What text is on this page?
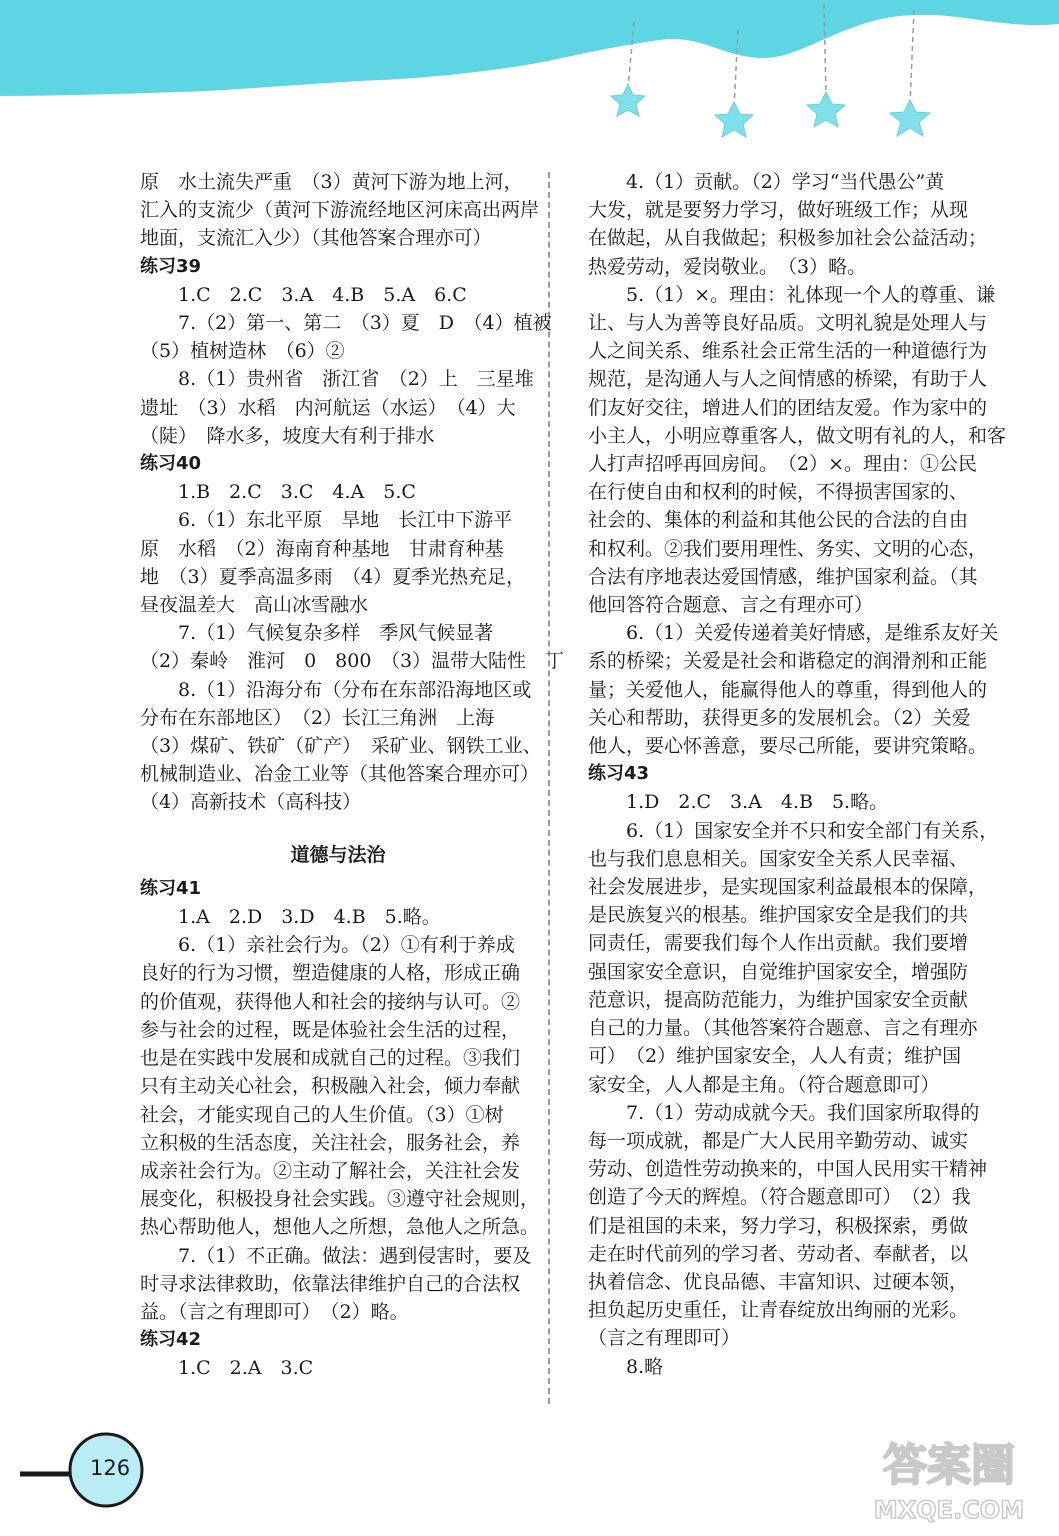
原　水土流失严重　（3）黄河下游为地上河，
汇入的支流少（黄河下游流经地区河床高出两岸
地面，支流汇入少）（其他答案合理亦可）
练习39
1.C　2.C　3.A　4.B　5.A　6.C
7.（2）第一、第二　（3）夏　D　（4）植被
（5）植树造林　（6）②
8.（1）贵州省　浙江省　（2）上　三星堆
遗址　（3）水稻　内河航运（水运）　（4）大
（陡）　降水多，坡度大有利于排水
练习40
1.B　2.C　3.C　4.A　5.C
6.（1）东北平原　旱地　长江中下游平
原　水稻　（2）海南育种基地　甘肃育种基
地　（3）夏季高温多雨　（4）夏季光热充足，
昼夜温差大　高山冰雪融水
7.（1）气候复杂多样　季风气候显著
（2）秦岭　淮河　0　800　（3）温带大陆性　丁
8.（1）沿海分布（分布在东部沿海地区或
分布在东部地区）　（2）长江三角洲　上海
（3）煤矿、铁矿（矿产）　采矿业、钢铁工业、
机械制造业、冶金工业等（其他答案合理亦可）
（4）高新技术（高科技）
道德与法治
练习41
1.A　2.D　3.D　4.B　5.略。
6.（1）亲社会行为。（2）①有利于养成
良好的行为习惯，塑造健康的人格，形成正确
的价值观，获得他人和社会的接纳与认可。②
参与社会的过程，既是体验社会生活的过程，
也是在实践中发展和成就自己的过程。③我们
只有主动关心社会，积极融入社会，倾力奉献
社会，才能实现自己的人生价值。（3）①树
立积极的生活态度，关注社会，服务社会，养
成亲社会行为。②主动了解社会，关注社会发
展变化，积极投身社会实践。③遵守社会规则，
热心帮助他人，想他人之所想，急他人之所急。
7.（1）不正确。做法：遇到侵害时，要及
时寻求法律救助，依靠法律维护自己的合法权
益。（言之有理即可）　（2）略。
练习42
1.C　2.A　3.C
4.（1）贡献。（2）学习“当代愚公”黄
大发，就是要努力学习，做好班级工作；从现
在做起，从自我做起；积极参加社会公益活动；
热爱劳动，爱岗敬业。　（3）略。
5.（1）×。理由：礼体现一个人的尊重、谦
让、与人为善等良好品质。文明礼貌是处理人与
人之间关系、维系社会正常生活的一种道德行为
规范，是沟通人与人之间情感的桥梁，有助于人
们友好交往，增进人们的团结友爱。作为家中的
小主人，小明应尊重客人，做文明有礼的人，和客
人打声招呼再回房间。　（2）×。理由：①公民
在行使自由和权利的时候，不得损害国家的、
社会的、集体的利益和其他公民的合法的自由
和权利。②我们要用理性、务实、文明的心态，
合法有序地表达爱国情感，维护国家利益。（其
他回答符合题意、言之有理亦可）
6.（1）关爱传递着美好情感，是维系友好关
系的桥梁；关爱是社会和谐稳定的润滑剂和正能
量；关爱他人，能赢得他人的尊重，得到他人的
关心和帮助，获得更多的发展机会。（2）关爱
他人，要心怀善意，要尽己所能，要讲究策略。
练习43
1.D　2.C　3.A　4.B　5.略。
6.（1）国家安全并不只和安全部门有关系，
也与我们息息相关。国家安全关系人民幸福、
社会发展进步，是实现国家利益最根本的保障，
是民族复兴的根基。维护国家安全是我们的共
同责任，需要我们每个人作出贡献。我们要增
强国家安全意识，自觉维护国家安全，增强防
范意识，提高防范能力，为维护国家安全贡献
自己的力量。（其他答案符合题意、言之有理亦
可）　（2）维护国家安全，人人有责；维护国
家安全，人人都是主角。（符合题意即可）
7.（1）劳动成就今天。我们国家所取得的
每一项成就，都是广大人民用辛勤劳动、诚实
劳动、创造性劳动换来的，中国人民用实干精神
创造了今天的辉煌。（符合题意即可）　（2）我
们是祖国的未来，努力学习，积极探索，勇做
走在时代前列的学习者、劳动者、奉献者，以
执着信念、优良品德、丰富知识、过硬本领，
担负起历史重任，让青春绽放出绚丽的光彩。
（言之有理即可）
8.略
126	答案圈
MXQE.COM
